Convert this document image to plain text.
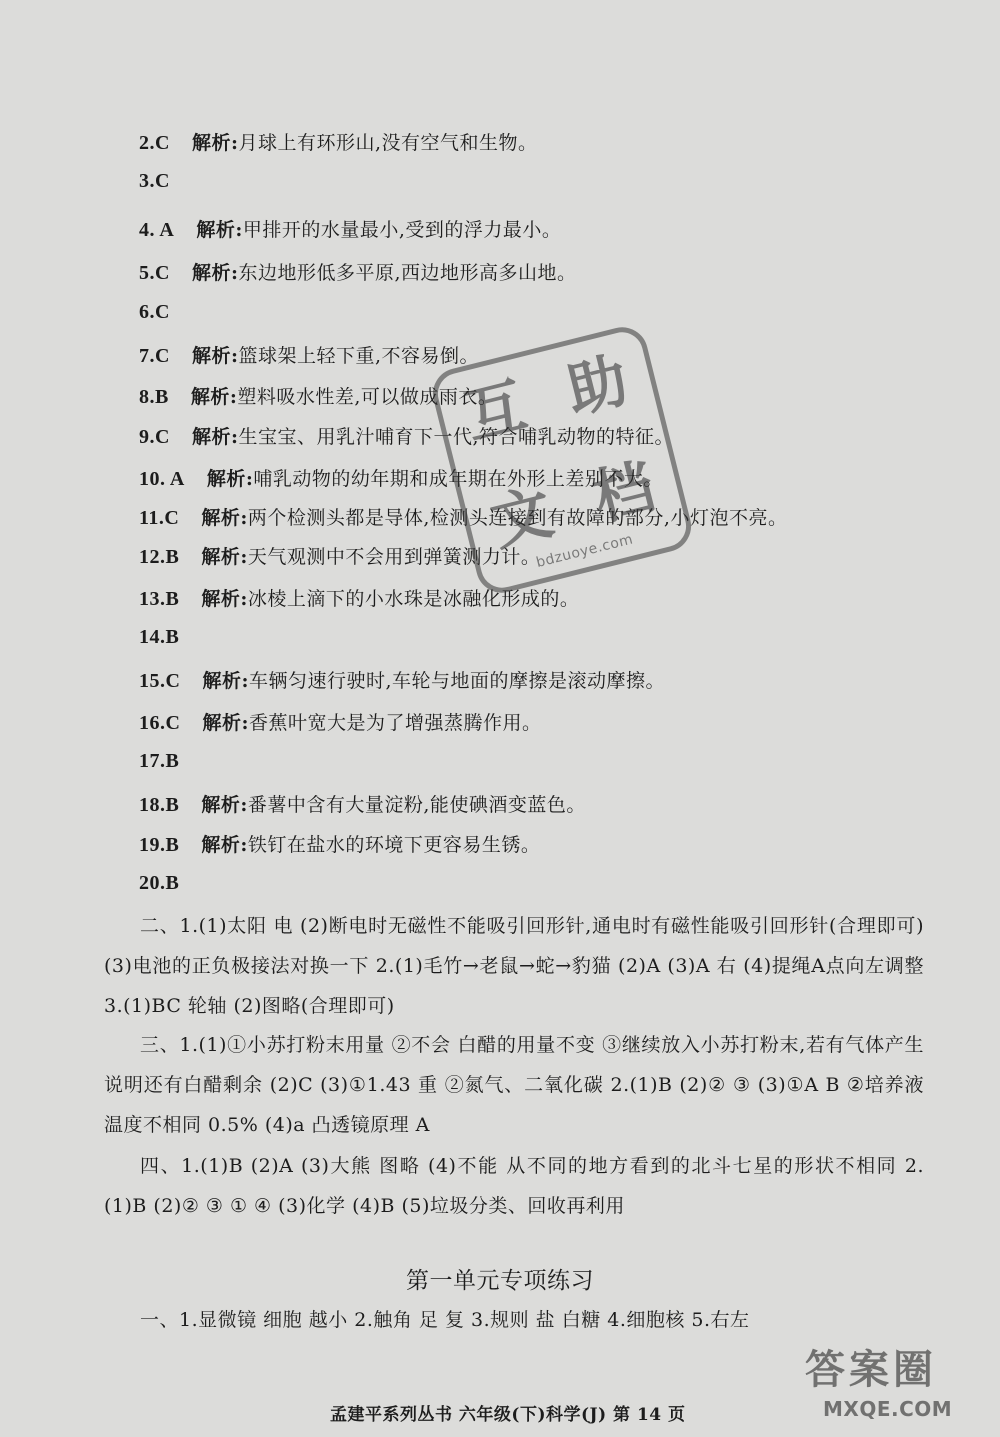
2.C 解析:月球上有环形山,没有空气和生物。
3.C
4. A 解析:甲排开的水量最小,受到的浮力最小。
5.C 解析:东边地形低多平原,西边地形高多山地。
6.C
7.C 解析:篮球架上轻下重,不容易倒。
8.B 解析:塑料吸水性差,可以做成雨衣。
9.C 解析:生宝宝、用乳汁哺育下一代,符合哺乳动物的特征。
10. A 解析:哺乳动物的幼年期和成年期在外形上差别不大。
11.C 解析:两个检测头都是导体,检测头连接到有故障的部分,小灯泡不亮。
12.B 解析:天气观测中不会用到弹簧测力计。
13.B 解析:冰棱上滴下的小水珠是冰融化形成的。
14.B
15.C 解析:车辆匀速行驶时,车轮与地面的摩擦是滚动摩擦。
16.C 解析:香蕉叶宽大是为了增强蒸腾作用。
17.B
18.B 解析:番薯中含有大量淀粉,能使碘酒变蓝色。
19.B 解析:铁钉在盐水的环境下更容易生锈。
20.B
二、1.(1)太阳 电 (2)断电时无磁性不能吸引回形针,通电时有磁性能吸引回形针(合理即可) (3)电池的正负极接法对换一下 2.(1)毛竹→老鼠→蛇→豹猫 (2)A (3)A 右 (4)提绳A点向左调整 3.(1)BC 轮轴 (2)图略(合理即可)
三、1.(1)①小苏打粉末用量 ②不会 白醋的用量不变 ③继续放入小苏打粉末,若有气体产生说明还有白醋剩余 (2)C (3)①1.43 重 ②氮气、二氧化碳 2.(1)B (2)② ③ (3)①A B ②培养液温度不相同 0.5% (4)a 凸透镜原理 A
四、1.(1)B (2)A (3)大熊 图略 (4)不能 从不同的地方看到的北斗七星的形状不相同 2.(1)B (2)② ③ ① ④ (3)化学 (4)B (5)垃圾分类、回收再利用
第一单元专项练习
一、1.显微镜 细胞 越小 2.触角 足 复 3.规则 盐 白糖 4.细胞核 5.右左
孟建平系列丛书 六年级(下)科学(J) 第 14 页
互 助
文 档
bdzuoye.com
答案圈
MXQE.COM
